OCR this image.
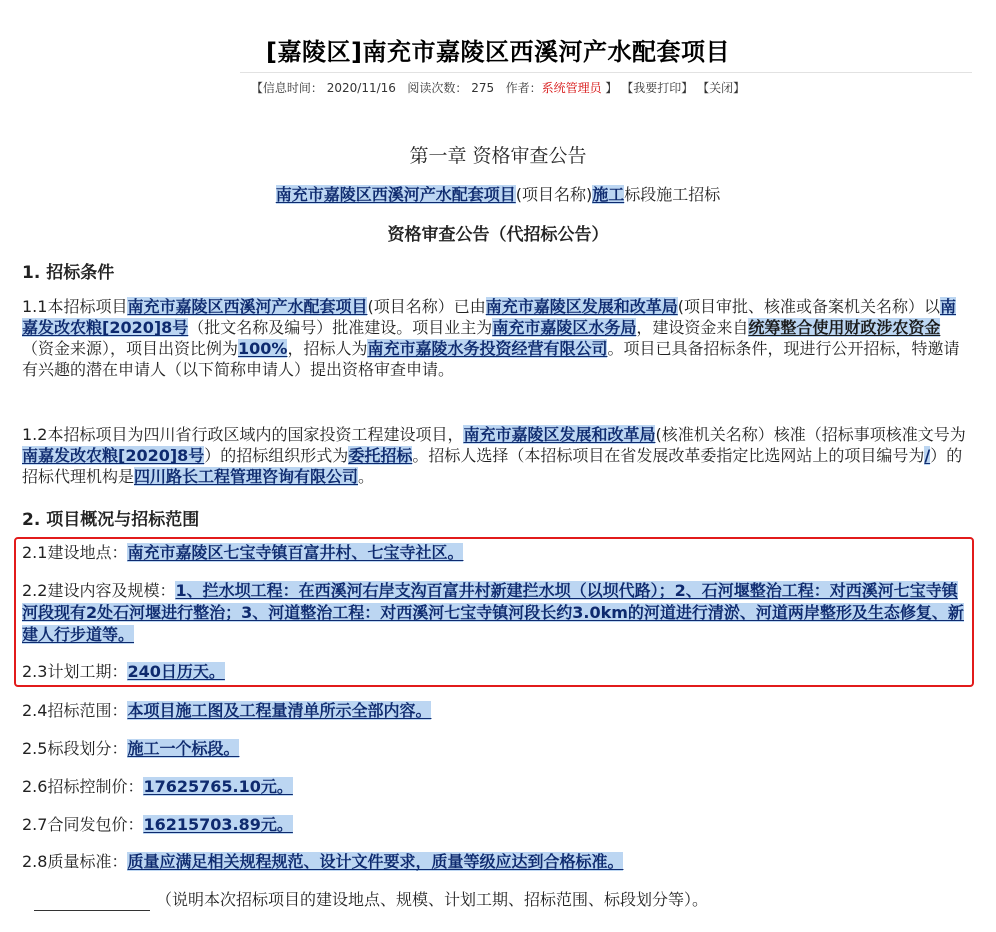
[嘉陵区]南充市嘉陵区西溪河产水配套项目
【信息时间： 2020/11/16 阅读次数： 275 作者：系统管理员 】 【我要打印】 【关闭】
第一章 资格审查公告
南充市嘉陵区西溪河产水配套项目(项目名称)施工标段施工招标
资格审查公告（代招标公告）
1. 招标条件
1.1本招标项目南充市嘉陵区西溪河产水配套项目(项目名称）已由南充市嘉陵区发展和改革局(项目审批、核准或备案机关名称）以南嘉发改农粮[2020]8号（批文名称及编号）批准建设。项目业主为南充市嘉陵区水务局，建设资金来自统筹整合使用财政涉农资金（资金来源），项目出资比例为100%，招标人为南充市嘉陵水务投资经营有限公司。项目已具备招标条件，现进行公开招标，特邀请有兴趣的潜在申请人（以下简称申请人）提出资格审查申请。
1.2本招标项目为四川省行政区域内的国家投资工程建设项目，南充市嘉陵区发展和改革局(核准机关名称）核准（招标事项核准文号为南嘉发改农粮[2020]8号）的招标组织形式为委托招标。招标人选择（本招标项目在省发展改革委指定比选网站上的项目编号为/）的招标代理机构是四川路长工程管理咨询有限公司。
2. 项目概况与招标范围
2.1建设地点：南充市嘉陵区七宝寺镇百富井村、七宝寺社区。
2.2建设内容及规模：1、拦水坝工程：在西溪河右岸支沟百富井村新建拦水坝（以坝代路）；2、石河堰整治工程：对西溪河七宝寺镇河段现有2处石河堰进行整治；3、河道整治工程：对西溪河七宝寺镇河段长约3.0km的河道进行清淤、河道两岸整形及生态修复、新建人行步道等。
2.3计划工期：240日历天。
2.4招标范围：本项目施工图及工程量清单所示全部内容。
2.5标段划分：施工一个标段。
2.6招标控制价：17625765.10元。
2.7合同发包价：16215703.89元。
2.8质量标准：质量应满足相关规程规范、设计文件要求，质量等级应达到合格标准。
（说明本次招标项目的建设地点、规模、计划工期、招标范围、标段划分等）。
